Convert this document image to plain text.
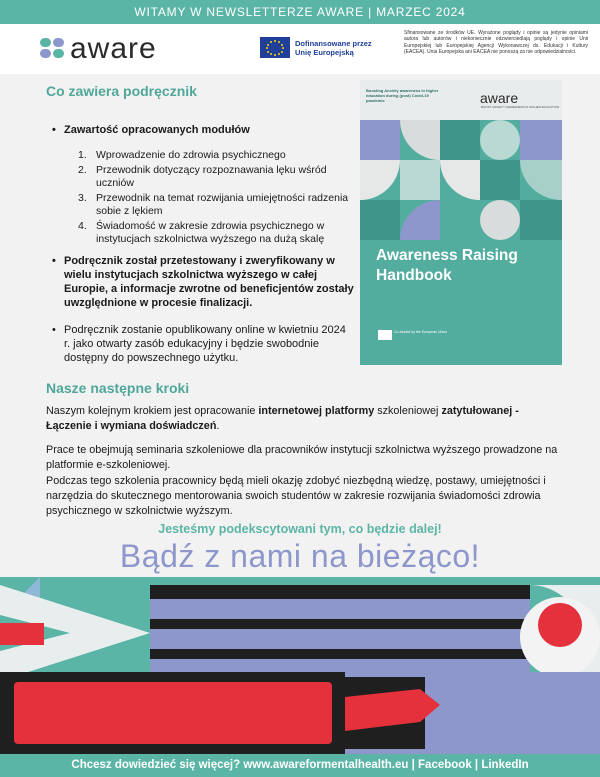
WITAMY W NEWSLETTERZE AWARE | MARZEC 2024
aware	Dofinansowane przez
Unię Europejską
Sfinansowane ze środków UE. Wyrażone poglądy i opinie są jedynie opiniami autora lub autorów i niekoniecznie odzwierciedlają poglądy i opinie Unii Europejskiej lub Europejskiej Agencji Wykonawczej ds. Edukacji i Kultury (EACEA). Unia Europejska ani EACEA nie ponoszą za nie odpowiedzialności.
Co zawiera podręcznik
• Zawartość opracowanych modułów
1. Wprowadzenie do zdrowia psychicznego
2. Przewodnik dotyczący rozpoznawania lęku wśród uczniów
3. Przewodnik na temat rozwijania umiejętności radzenia sobie z lękiem
4. Świadomość w zakresie zdrowia psychicznego w instytucjach szkolnictwa wyższego na dużą skalę
• Podręcznik został przetestowany i zweryfikowany w wielu instytucjach szkolnictwa wyższego w całej Europie, a informacje zwrotne od beneficjentów zostały uwzględnione w procesie finalizacji.
• Podręcznik zostanie opublikowany online w kwietniu 2024 r. jako otwarty zasób edukacyjny i będzie swobodnie dostępny do powszechnego użytku.
Boosting Anxiety awareness in higher education during (post) Covid-19 pandemic	aware
BOOST ANXIETY AWARENESS IN HIGHER EDUCATION
Awareness Raising Handbook
Co-funded by the European Union
Nasze następne kroki
Naszym kolejnym krokiem jest opracowanie internetowej platformy szkoleniowej zatytułowanej - Łączenie i wymiana doświadczeń.
Prace te obejmują seminaria szkoleniowe dla pracowników instytucji szkolnictwa wyższego prowadzone na platformie e-szkoleniowej.
Podczas tego szkolenia pracownicy będą mieli okazję zdobyć niezbędną wiedzę, postawy, umiejętności i narzędzia do skutecznego mentorowania swoich studentów w zakresie rozwijania świadomości zdrowia psychicznego w szkolnictwie wyższym.
Jesteśmy podekscytowani tym, co będzie dalej!
Bądź z nami na bieżąco!
Chcesz dowiedzieć się więcej? www.awareformentalhealth.eu | Facebook | LinkedIn
